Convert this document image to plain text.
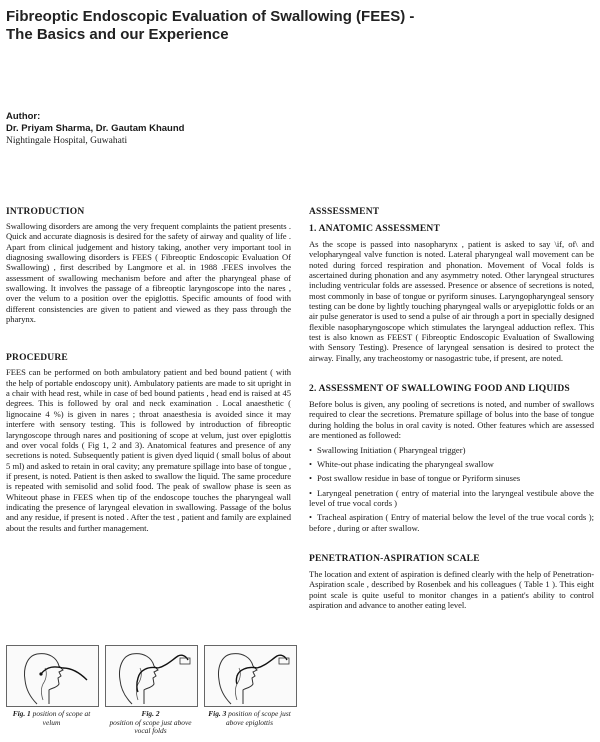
Fibreoptic Endoscopic Evaluation of Swallowing (FEES) -
The Basics and our Experience
Author:
Dr. Priyam Sharma, Dr. Gautam Khaund
Nightingale Hospital, Guwahati
INTRODUCTION

Swallowing disorders are among the very frequent complaints the patient presents . Quick and accurate diagnosis is desired for the safety of airway and quality of life . Apart from clinical judgement and history taking, another very important tool in diagnosing swallowing disorders is FEES ( Fibreoptic Endoscopic Evaluation Of Swallowing) , first described by Langmore et al. in 1988 .FEES involves the assessment of swallowing mechanism before and after the pharyngeal phase of swallowing. It involves the passage of a fibreoptic laryngoscope into the nares , over the velum to a position over the epiglottis. Specific amounts of food with different consistencies are given to patient and viewed as they pass through the pharynx.

PROCEDURE

FEES can be performed on both ambulatory patient and bed bound patient ( with the help of portable endoscopy unit). Ambulatory patients are made to sit upright in a chair with head rest, while in case of bed bound patients , head end is raised at 45 degrees. This is followed by oral and neck examination . Local anaesthetic ( lignocaine 4 %) is given in nares ; throat anaesthesia is avoided since it may interfere with sensory testing. This is followed by introduction of fibreoptic laryngoscope through nares and positioning of scope at velum, just over epiglottis and over vocal folds ( Fig 1, 2 and 3). Anatomical features and presence of any secretions is noted. Subsequently patient is given dyed liquid ( small bolus of about 5 ml) and asked to retain in oral cavity; any premature spillage into base of tongue , if present, is noted. Patient is then asked to swallow the liquid. The same procedure is repeated with semisolid and solid food. The peak of swallow phase is seen as Whiteout phase in FEES when tip of the endoscope touches the pharyngeal wall indicating the presence of laryngeal elevation in swallowing. Passage of the bolus and any residue, if present is noted . After the test , patient and family are explained about the results and further management.

Fig. 1 position of scope at velum
Fig. 2
position of scope just above vocal folds
Fig. 3 position of scope just above epiglottis
ASSSESSMENT
1. ANATOMIC ASSESSMENT

As the scope is passed into nasopharynx , patient is asked to say \if, of\ and velopharyngeal valve function is noted. Lateral pharyngeal wall movement can be noted during forced respiration and phonation. Movement of Vocal folds is ascertained during phonation and any asymmetry noted. Other laryngeal structures including ventricular folds are assessed. Presence or absence of secretions is noted, most commonly in base of tongue or pyriform sinuses. Laryngopharyngeal sensory testing can be done by lightly touching pharyngeal walls or aryepiglottic folds or an air pulse generator is used to send a pulse of air through a port in specially designed flexible nasopharyngoscope which stimulates the laryngeal adduction reflex. This test is also known as FEEST ( Fibreoptic Endoscopic Evaluation of Swallowing with Sensory Testing). Presence of laryngeal sensation is desired to protect the airway. Finally, any tracheostomy or nasogastric tube, if present, are noted.

2. ASSESSMENT OF SWALLOWING FOOD AND LIQUIDS

Before bolus is given, any pooling of secretions is noted, and number of swallows required to clear the secretions. Premature spillage of bolus into the base of tongue during holding the bolus in oral cavity is noted. Other features which are assessed are mentioned as followed:

• Swallowing Initiation ( Pharyngeal trigger)
• White-out phase indicating the pharyngeal swallow
• Post swallow residue in base of tongue or Pyriform sinuses
• Laryngeal penetration ( entry of material into the laryngeal vestibule above the level of true vocal cords )
• Tracheal aspiration ( Entry of material below the level of the true vocal cords ); before , during or after swallow.
PENETRATION-ASPIRATION SCALE

The location and extent of aspiration is defined clearly with the help of Penetration-Aspiration scale , described by Rosenbek and his colleagues ( Table 1 ). This eight point scale is quite useful to monitor changes in a patient's ability to control aspiration and advance to another eating level.
